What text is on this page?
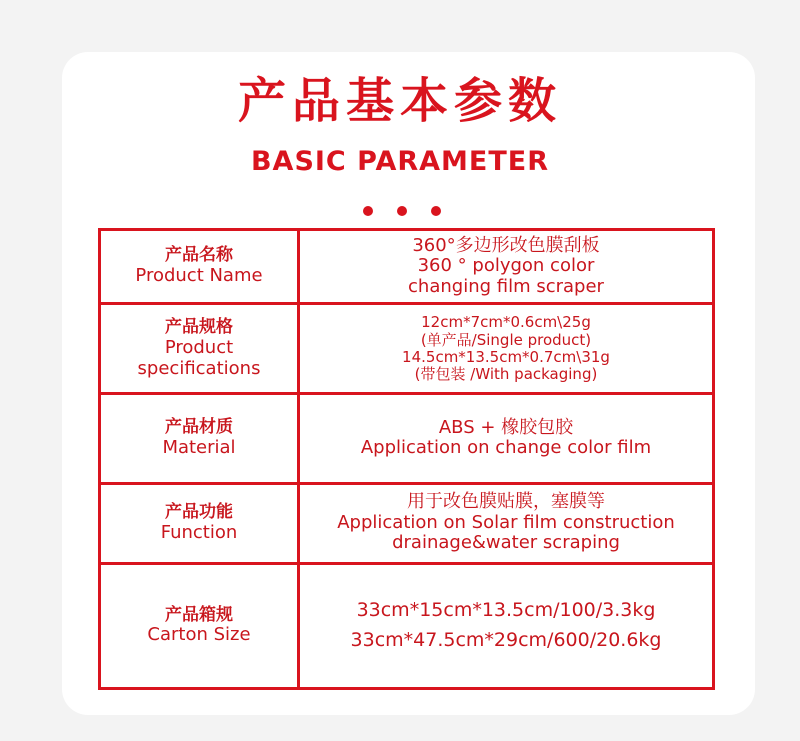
产品基本参数
BASIC PARAMETER
产品名称
Product Name	360°多边形改色膜刮板
360 ° polygon color
changing film scraper

产品规格
Product specifications	12cm*7cm*0.6cm\25g
(单产品/Single product)
14.5cm*13.5cm*0.7cm\31g
(带包装 /With packaging)

产品材质
Material	ABS + 橡胶包胶
Application on change color film

产品功能
Function	用于改色膜贴膜，塞膜等
Application on Solar film construction
drainage&water scraping

产品箱规
Carton Size	33cm*15cm*13.5cm/100/3.3kg
33cm*47.5cm*29cm/600/20.6kg
